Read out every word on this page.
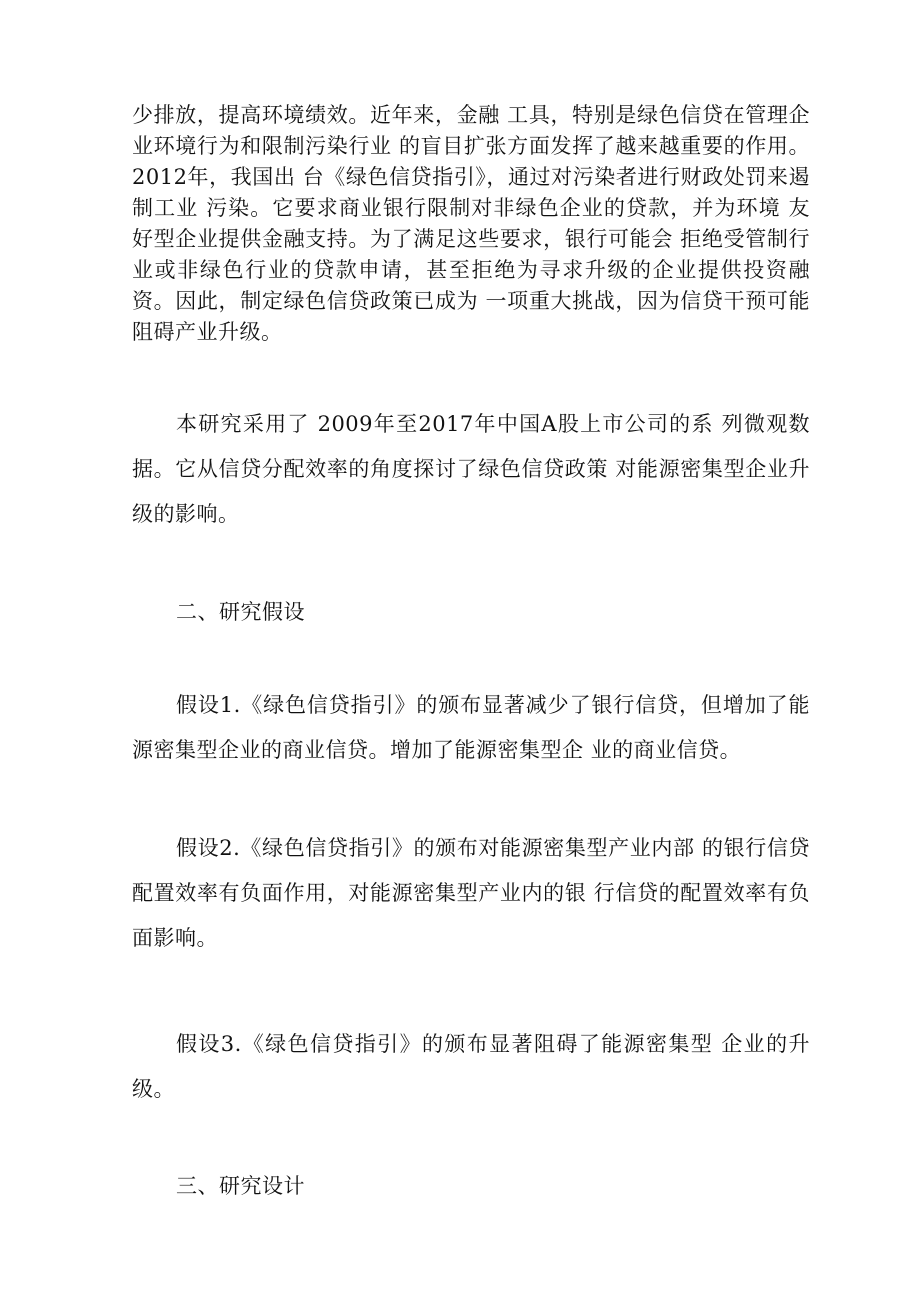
少排放，提高环境绩效。近年来，金融 工具，特别是绿色信贷在管理企业环境行为和限制污染行业 的盲目扩张方面发挥了越来越重要的作用。2012年，我国出 台《绿色信贷指引》，通过对污染者进行财政处罚来遏制工业 污染。它要求商业银行限制对非绿色企业的贷款，并为环境 友好型企业提供金融支持。为了满足这些要求，银行可能会 拒绝受管制行业或非绿色行业的贷款申请，甚至拒绝为寻求升级的企业提供投资融资。因此，制定绿色信贷政策已成为 一项重大挑战，因为信贷干预可能阻碍产业升级。
本研究采用了 2009年至2017年中国A股上市公司的系 列微观数据。它从信贷分配效率的角度探讨了绿色信贷政策 对能源密集型企业升级的影响。
二、研究假设
假设1.《绿色信贷指引》的颁布显著减少了银行信贷，但增加了能源密集型企业的商业信贷。增加了能源密集型企 业的商业信贷。
假设2.《绿色信贷指引》的颁布对能源密集型产业内部 的银行信贷配置效率有负面作用，对能源密集型产业内的银 行信贷的配置效率有负面影响。
假设3.《绿色信贷指引》的颁布显著阻碍了能源密集型 企业的升级。
三、研究设计
